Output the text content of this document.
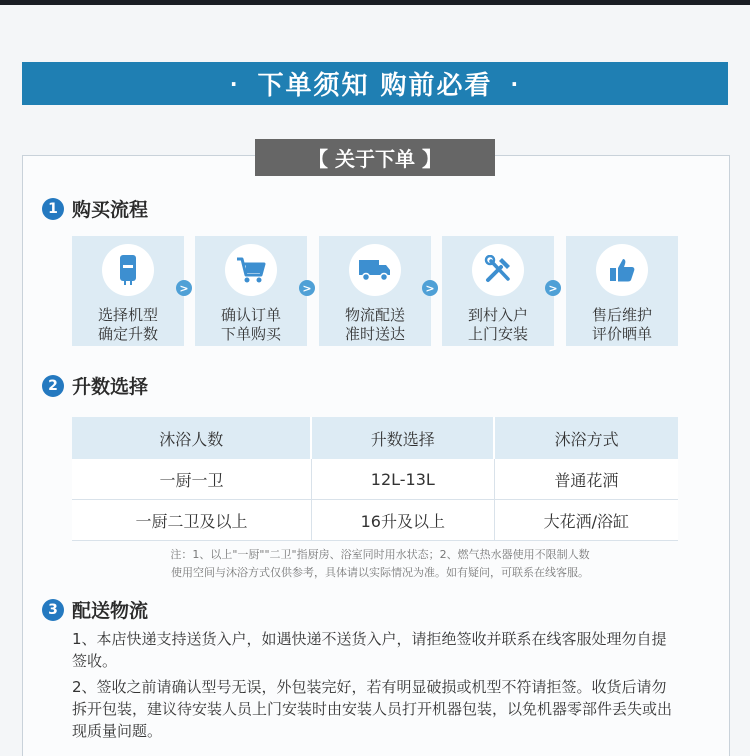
· 下单须知 购前必看 ·
【 关于下单 】
1 购买流程
选择机型
确定升数
>
确认订单
下单购买
>
物流配送
准时送达
>
到村入户
上门安装
>
售后维护
评价晒单
2 升数选择
沐浴人数	升数选择	沐浴方式
一厨一卫	12L-13L	普通花洒
一厨二卫及以上	16升及以上	大花洒/浴缸
注：1、以上"一厨""二卫"指厨房、浴室同时用水状态；2、燃气热水器使用不限制人数
使用空间与沐浴方式仅供参考，具体请以实际情况为准。如有疑问，可联系在线客服。
3 配送物流
1、本店快递支持送货入户，如遇快递不送货入户，请拒绝签收并联系在线客服处理勿自提签收。
2、签收之前请确认型号无误，外包装完好，若有明显破损或机型不符请拒签。收货后请勿拆开包装，建议待安装人员上门安装时由安装人员打开机器包装，以免机器零部件丢失或出现质量问题。
